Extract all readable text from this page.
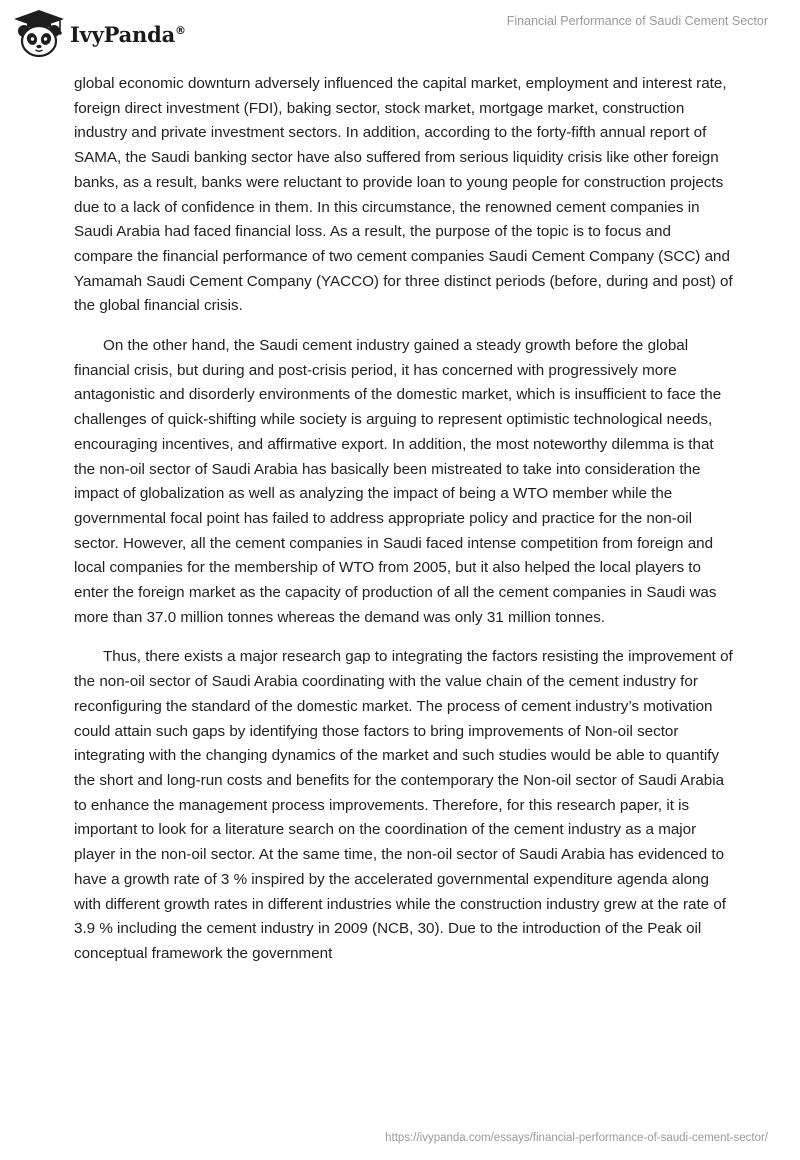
IvyPanda®
Financial Performance of Saudi Cement Sector

global economic downturn adversely influenced the capital market, employment and interest rate, foreign direct investment (FDI), baking sector, stock market, mortgage market, construction industry and private investment sectors. In addition, according to the forty-fifth annual report of SAMA, the Saudi banking sector have also suffered from serious liquidity crisis like other foreign banks, as a result, banks were reluctant to provide loan to young people for construction projects due to a lack of confidence in them. In this circumstance, the renowned cement companies in Saudi Arabia had faced financial loss. As a result, the purpose of the topic is to focus and compare the financial performance of two cement companies Saudi Cement Company (SCC) and Yamamah Saudi Cement Company (YACCO) for three distinct periods (before, during and post) of the global financial crisis.

On the other hand, the Saudi cement industry gained a steady growth before the global financial crisis, but during and post-crisis period, it has concerned with progressively more antagonistic and disorderly environments of the domestic market, which is insufficient to face the challenges of quick-shifting while society is arguing to represent optimistic technological needs, encouraging incentives, and affirmative export. In addition, the most noteworthy dilemma is that the non-oil sector of Saudi Arabia has basically been mistreated to take into consideration the impact of globalization as well as analyzing the impact of being a WTO member while the governmental focal point has failed to address appropriate policy and practice for the non-oil sector. However, all the cement companies in Saudi faced intense competition from foreign and local companies for the membership of WTO from 2005, but it also helped the local players to enter the foreign market as the capacity of production of all the cement companies in Saudi was more than 37.0 million tonnes whereas the demand was only 31 million tonnes.

Thus, there exists a major research gap to integrating the factors resisting the improvement of the non-oil sector of Saudi Arabia coordinating with the value chain of the cement industry for reconfiguring the standard of the domestic market. The process of cement industry’s motivation could attain such gaps by identifying those factors to bring improvements of Non-oil sector integrating with the changing dynamics of the market and such studies would be able to quantify the short and long-run costs and benefits for the contemporary the Non-oil sector of Saudi Arabia to enhance the management process improvements. Therefore, for this research paper, it is important to look for a literature search on the coordination of the cement industry as a major player in the non-oil sector. At the same time, the non-oil sector of Saudi Arabia has evidenced to have a growth rate of 3 % inspired by the accelerated governmental expenditure agenda along with different growth rates in different industries while the construction industry grew at the rate of 3.9 % including the cement industry in 2009 (NCB, 30). Due to the introduction of the Peak oil conceptual framework the government

https://ivypanda.com/essays/financial-performance-of-saudi-cement-sector/
